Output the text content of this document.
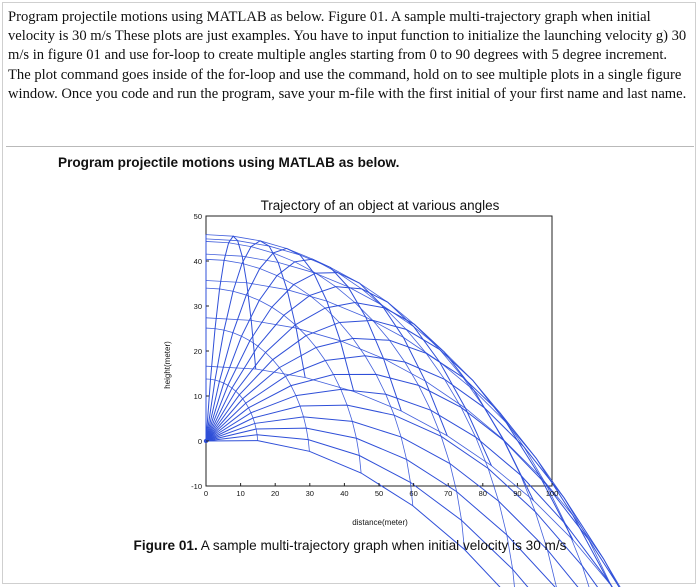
Program projectile motions using MATLAB as below. Figure 01. A sample multi-trajectory graph when initial velocity is 30 m/s These plots are just examples. You have to input function to initialize the launching velocity g) 30 m/s in figure 01 and use for-loop to create multiple angles starting from 0 to 90 degrees with 5 degree increment. The plot command goes inside of the for-loop and use the command, hold on to see multiple plots in a single figure window. Once you code and run the program, save your m-file with the first initial of your first name and last name.

Program projectile motions using MATLAB as below.

Trajectory of an object at various angles
0	10	20	30	40	50	60	70	80	90	100
-10
0
10
20
30
40
50
distance(meter)
height(meter)
Figure 01. A sample multi-trajectory graph when initial velocity is 30 m/s
